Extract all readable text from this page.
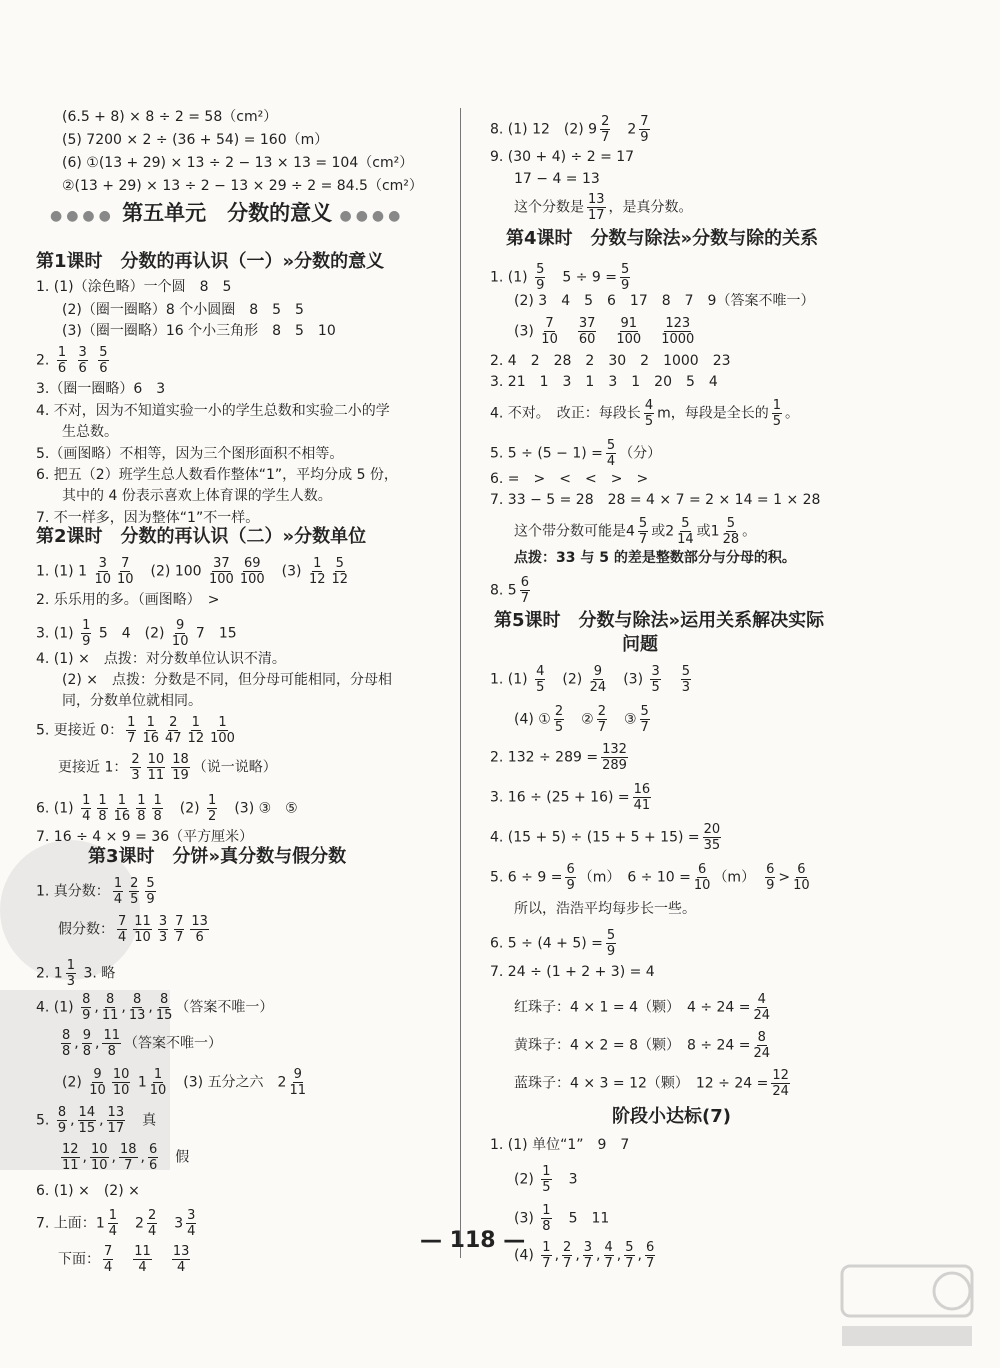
(6.5 + 8) × 8 ÷ 2 = 58（cm²）
(5) 7200 × 2 ÷ (36 + 54) = 160（m）
(6) ①(13 + 29) × 13 ÷ 2 − 13 × 13 = 104（cm²）
②(13 + 29) × 13 ÷ 2 − 13 × 29 ÷ 2 = 84.5（cm²）
●●●● 第五单元　分数的意义 ●●●●
第1课时　分数的再认识（一）»分数的意义
1. (1)（涂色略）一个圆　8　5
(2)（圈一圈略）8 个小圆圈　8　5　5
(3)（圈一圈略）16 个小三角形　8　5　10
2. $\frac{1}{6}$
$\frac{3}{6}$
$\frac{5}{6}$
3.（圈一圈略）6　3
4. 不对，因为不知道实验一小的学生总数和实验二小的学
生总数。
5.（画图略）不相等，因为三个图形面积不相等。
6. 把五（2）班学生总人数看作整体“1”，平均分成 5 份，
其中的 4 份表示喜欢上体育课的学生人数。
7. 不一样多，因为整体“1”不一样。
第2课时　分数的再认识（二）»分数单位
1. (1) $1 \frac{3}{10} \frac{7}{10}$ 　(2) $100 \frac{37}{100} \frac{69}{100}$ 　$(3) \frac{1}{12} \frac{5}{12}$
2. 乐乐用的多。（画图略）　>
3. $(1) \frac{1}{9} 5$　4　$(2) \frac{9}{10} 7$　15
4. (1) ×　点拨：对分数单位认识不清。
(2) ×　点拨：分数是不同，但分母可能相同，分母相
同，分数单位就相同。
5. 更接近 0： $\frac{1}{7} \frac{1}{16} \frac{2}{47} \frac{1}{12} \frac{1}{100}$
更接近 1： $\frac{2}{3} \frac{10}{11} \frac{18}{19}$ （说一说略）
6. $(1) \frac{1}{4} \frac{1}{8} \frac{1}{16} \frac{1}{8} \frac{1}{8}$ 　$(2) \frac{1}{2}$ 　(3) ③　⑤
7. 16 ÷ 4 × 9 = 36（平方厘米）
第3课时　分饼»真分数与假分数
1. 真分数： $\frac{1}{4} \frac{2}{5} \frac{5}{9}$
假分数： $\frac{7}{4} \frac{11}{10} \frac{3}{3} \frac{7}{7} \frac{13}{6}$
2. $1 \frac{1}{3} 3$. 略
4. $(1) \frac{8}{9}$ , $\frac{8}{11}$ , $\frac{8}{13}$ , $\frac{8}{15}$ （答案不唯一）
$\frac{8}{8}$ , $\frac{9}{8}$ , $\frac{11}{8}$ （答案不唯一）
$(2) \frac{9}{10} \frac{10}{10} 1 \frac{1}{10}$
　 (3) 五分之六　$2 \frac{9}{11}$
5. $\frac{8}{9}$ , $\frac{14}{15}$ , $\frac{13}{17}$
　 真
$\frac{12}{11}$ , $\frac{10}{10}$ , $\frac{18}{7}$ , $\frac{6}{6}$
　 假
6. (1) ×　(2) ×
7. 上面：$1 \frac{1}{4}$ 　$2 \frac{2}{4}$ 　$3 \frac{3}{4}$
下面： $\frac{7}{4}$
　 $\frac{11}{4}$
　 $\frac{13}{4}$
8. (1) 12　(2) $9 \frac{2}{7}$ 　$2 \frac{7}{9}$
9. (30 + 4) ÷ 2 = 17
17 − 4 = 13
这个分数是 $\frac{13}{17}$ ，是真分数。
第4课时　分数与除法»分数与除的关系
1. $(1) \frac{5}{9}$ 　$5 \div 9 = \frac{5}{9}$
(2) 3　4　5　6　17　8　7　9（答案不唯一）
$(3) \frac{7}{10}$
　 $\frac{37}{60}$
　 $\frac{91}{100}$
　 $\frac{123}{1000}$
2. 4　2　28　2　30　2　1000　23
3. 21　1　3　1　3　1　20　5　4
4. 不对。　改正：每段长 $\frac{4}{5}$ m，每段是全长的 $\frac{1}{5}$ 。
5. $5 \div (5 - 1) = \frac{5}{4}$ （分）
6. =　>　<　<　>　>
7. 33 − 5 = 28　28 = 4 × 7 = 2 × 14 = 1 × 28
这个带分数可能是$4 \frac{5}{7}$ 或$2 \frac{5}{14}$ 或$1 \frac{5}{28}$ 。
点拨：33 与 5 的差是整数部分与分母的积。
8. $5 \frac{6}{7}$
第5课时　分数与除法»运用关系解决实际
问题
1. $(1) \frac{4}{5}$ 　$(2) \frac{9}{24}$ 　$(3) \frac{3}{5}$
　 $\frac{5}{3}$
(4) ① $\frac{2}{5}$ 　② $\frac{2}{7}$ 　③ $\frac{5}{7}$
2. $132 \div 289 = \frac{132}{289}$
3. $16 \div (25 + 16) = \frac{16}{41}$
4. $(15 + 5) \div (15 + 5 + 15) = \frac{20}{35}$
5. $6 \div 9 = \frac{6}{9} (m)$　$6 \div 10 = \frac{6}{10} (m)$　 $\frac{6}{9} > \frac{6}{10}$
所以，浩浩平均每步长一些。
6. $5 \div (4 + 5) = \frac{5}{9}$
7. 24 ÷ (1 + 2 + 3) = 4
红珠子：4 × 1 = 4（颗）　$4 \div 24 = \frac{4}{24}$
黄珠子：4 × 2 = 8（颗）　$8 \div 24 = \frac{8}{24}$
蓝珠子：4 × 3 = 12（颗）　$12 \div 24 = \frac{12}{24}$
阶段小达标(7)
1. (1) 单位“1”　9　7
$(2) \frac{1}{5}$ 　3
$(3) \frac{1}{8}$ 　5　11
$(4) \frac{1}{7}$ , $\frac{2}{7}$ , $\frac{3}{7}$ , $\frac{4}{7}$ , $\frac{5}{7}$ , $\frac{6}{7}$
— 118 —
